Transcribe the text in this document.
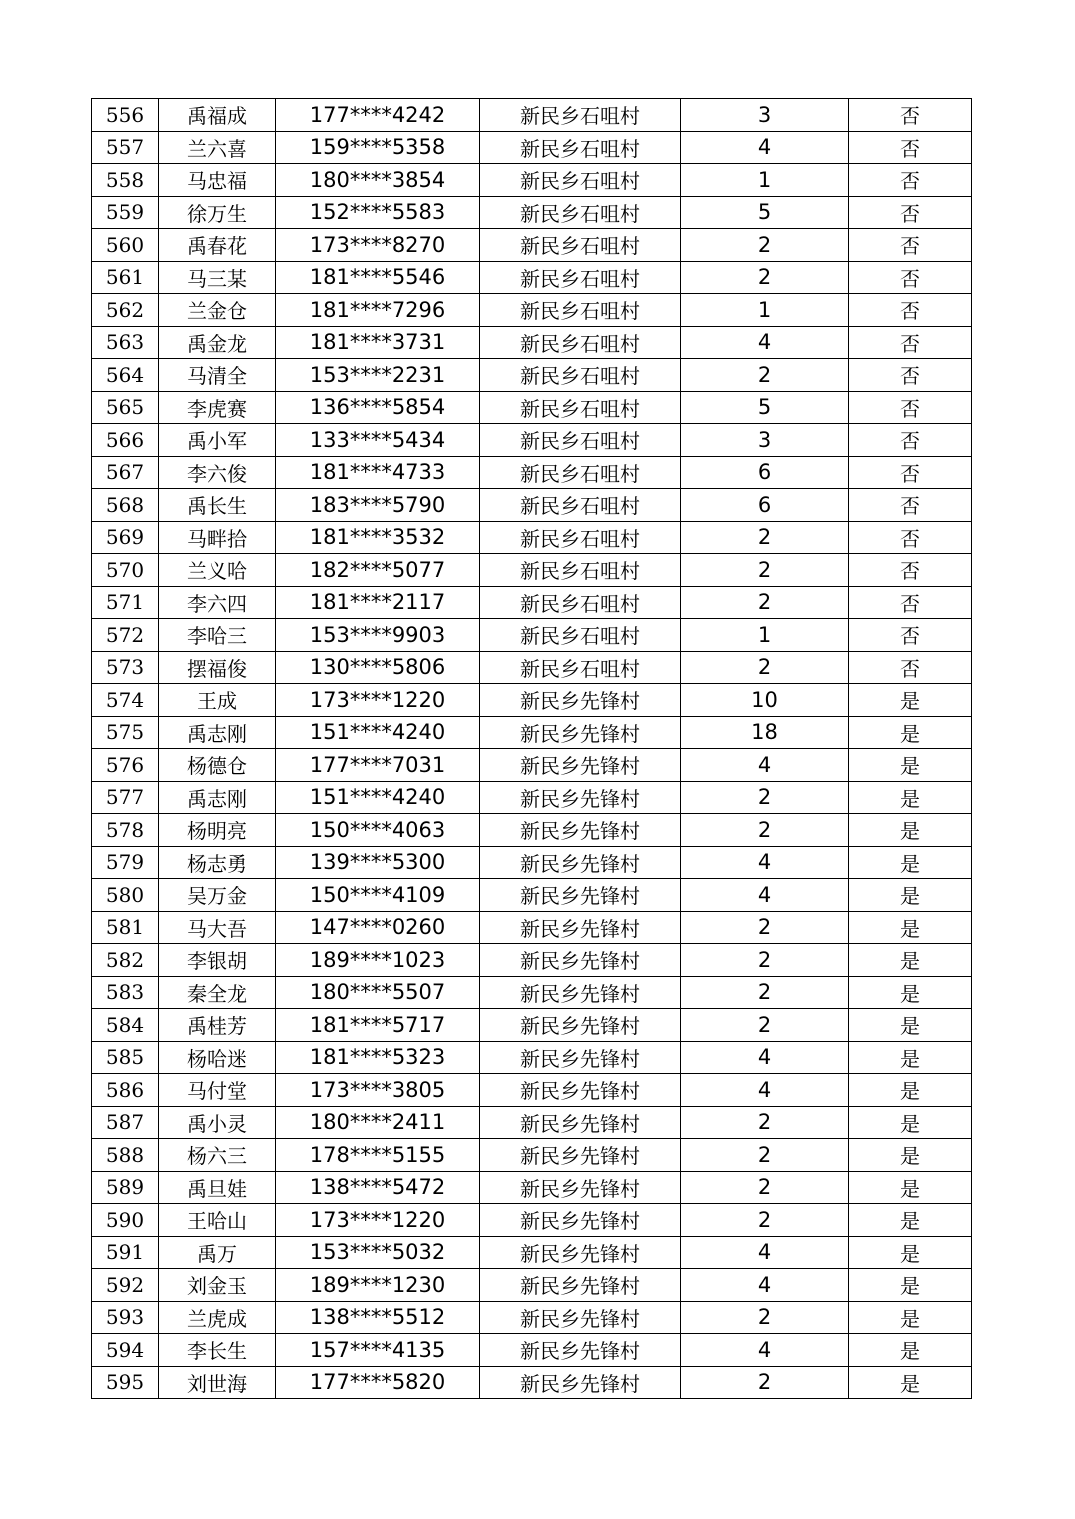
556	禹福成	177****4242	新民乡石咀村	3	否
557	兰六喜	159****5358	新民乡石咀村	4	否
558	马忠福	180****3854	新民乡石咀村	1	否
559	徐万生	152****5583	新民乡石咀村	5	否
560	禹春花	173****8270	新民乡石咀村	2	否
561	马三某	181****5546	新民乡石咀村	2	否
562	兰金仓	181****7296	新民乡石咀村	1	否
563	禹金龙	181****3731	新民乡石咀村	4	否
564	马清全	153****2231	新民乡石咀村	2	否
565	李虎赛	136****5854	新民乡石咀村	5	否
566	禹小军	133****5434	新民乡石咀村	3	否
567	李六俊	181****4733	新民乡石咀村	6	否
568	禹长生	183****5790	新民乡石咀村	6	否
569	马畔拾	181****3532	新民乡石咀村	2	否
570	兰义哈	182****5077	新民乡石咀村	2	否
571	李六四	181****2117	新民乡石咀村	2	否
572	李哈三	153****9903	新民乡石咀村	1	否
573	摆福俊	130****5806	新民乡石咀村	2	否
574	王成	173****1220	新民乡先锋村	10	是
575	禹志刚	151****4240	新民乡先锋村	18	是
576	杨德仓	177****7031	新民乡先锋村	4	是
577	禹志刚	151****4240	新民乡先锋村	2	是
578	杨明亮	150****4063	新民乡先锋村	2	是
579	杨志勇	139****5300	新民乡先锋村	4	是
580	吴万金	150****4109	新民乡先锋村	4	是
581	马大吾	147****0260	新民乡先锋村	2	是
582	李银胡	189****1023	新民乡先锋村	2	是
583	秦全龙	180****5507	新民乡先锋村	2	是
584	禹桂芳	181****5717	新民乡先锋村	2	是
585	杨哈迷	181****5323	新民乡先锋村	4	是
586	马付堂	173****3805	新民乡先锋村	4	是
587	禹小灵	180****2411	新民乡先锋村	2	是
588	杨六三	178****5155	新民乡先锋村	2	是
589	禹旦娃	138****5472	新民乡先锋村	2	是
590	王哈山	173****1220	新民乡先锋村	2	是
591	禹万	153****5032	新民乡先锋村	4	是
592	刘金玉	189****1230	新民乡先锋村	4	是
593	兰虎成	138****5512	新民乡先锋村	2	是
594	李长生	157****4135	新民乡先锋村	4	是
595	刘世海	177****5820	新民乡先锋村	2	是
